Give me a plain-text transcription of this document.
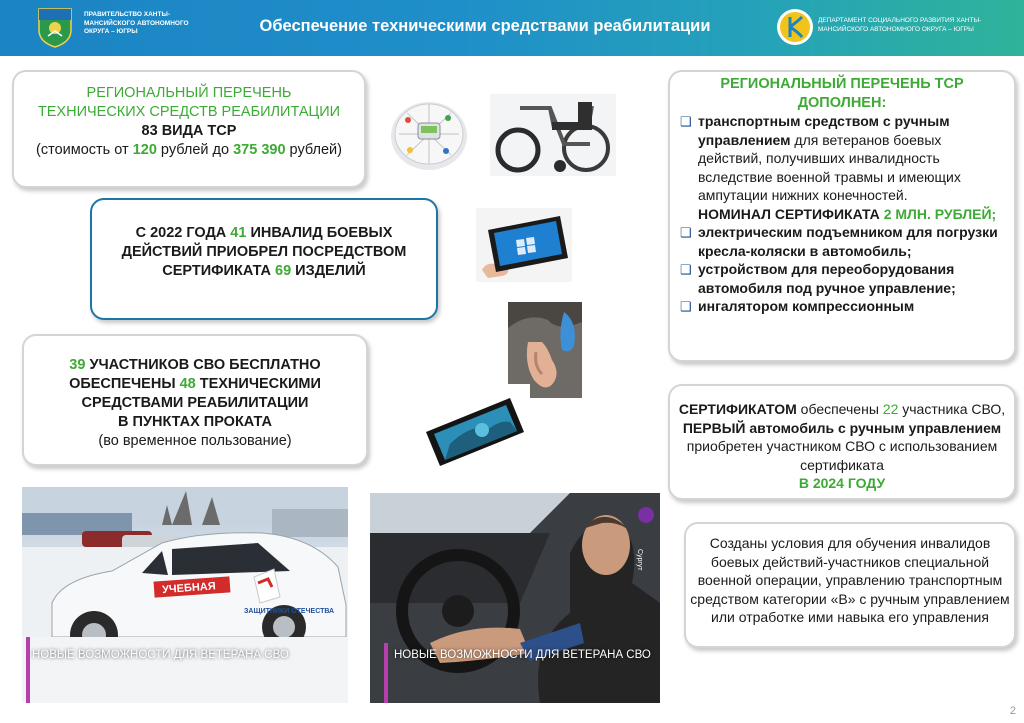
ПРАВИТЕЛЬСТВО ХАНТЫ-МАНСИЙСКОГО АВТОНОМНОГО ОКРУГА – ЮГРЫ	Обеспечение техническими средствами реабилитации	ДЕПАРТАМЕНТ СОЦИАЛЬНОГО РАЗВИТИЯ ХАНТЫ-МАНСИЙСКОГО АВТОНОМНОГО ОКРУГА – ЮГРЫ
РЕГИОНАЛЬНЫЙ ПЕРЕЧЕНЬ
ТЕХНИЧЕСКИХ СРЕДСТВ РЕАБИЛИТАЦИИ
83 ВИДА ТСР
(стоимость от 120 рублей до 375 390 рублей)
С 2022 ГОДА 41 ИНВАЛИД БОЕВЫХ
ДЕЙСТВИЙ ПРИОБРЕЛ ПОСРЕДСТВОМ
СЕРТИФИКАТА 69 ИЗДЕЛИЙ
39 УЧАСТНИКОВ СВО БЕСПЛАТНО
ОБЕСПЕЧЕНЫ 48 ТЕХНИЧЕСКИМИ
СРЕДСТВАМИ РЕАБИЛИТАЦИИ
В ПУНКТАХ ПРОКАТА
(во временное пользование)
РЕГИОНАЛЬНЫЙ ПЕРЕЧЕНЬ ТСР
ДОПОЛНЕН:
❑ транспортным средством с ручным управлением для ветеранов боевых действий, получивших инвалидность вследствие военной травмы и имеющих ампутации нижних конечностей.
НОМИНАЛ СЕРТИФИКАТА 2 МЛН. РУБЛЕЙ;
❑ электрическим подъемником для погрузки кресла-коляски в автомобиль;
❑ устройством для переоборудования автомобиля под ручное управление;
❑ ингалятором компрессионным
СЕРТИФИКАТОМ обеспечены 22 участника СВО, ПЕРВЫЙ автомобиль с ручным управлением приобретен участником СВО с использованием сертификата
В 2024 ГОДУ
Созданы условия для обучения инвалидов боевых действий-участников специальной военной операции, управлению транспортным средством категории «В» с ручным управлением или отработке ими навыка его управления
УЧЕБНАЯ
ЗАЩИТНИКИ ОТЕЧЕСТВА
НОВЫЕ ВОЗМОЖНОСТИ ДЛЯ ВЕТЕРАНА СВО
Сургут
НОВЫЕ ВОЗМОЖНОСТИ ДЛЯ ВЕТЕРАНА СВО
2
